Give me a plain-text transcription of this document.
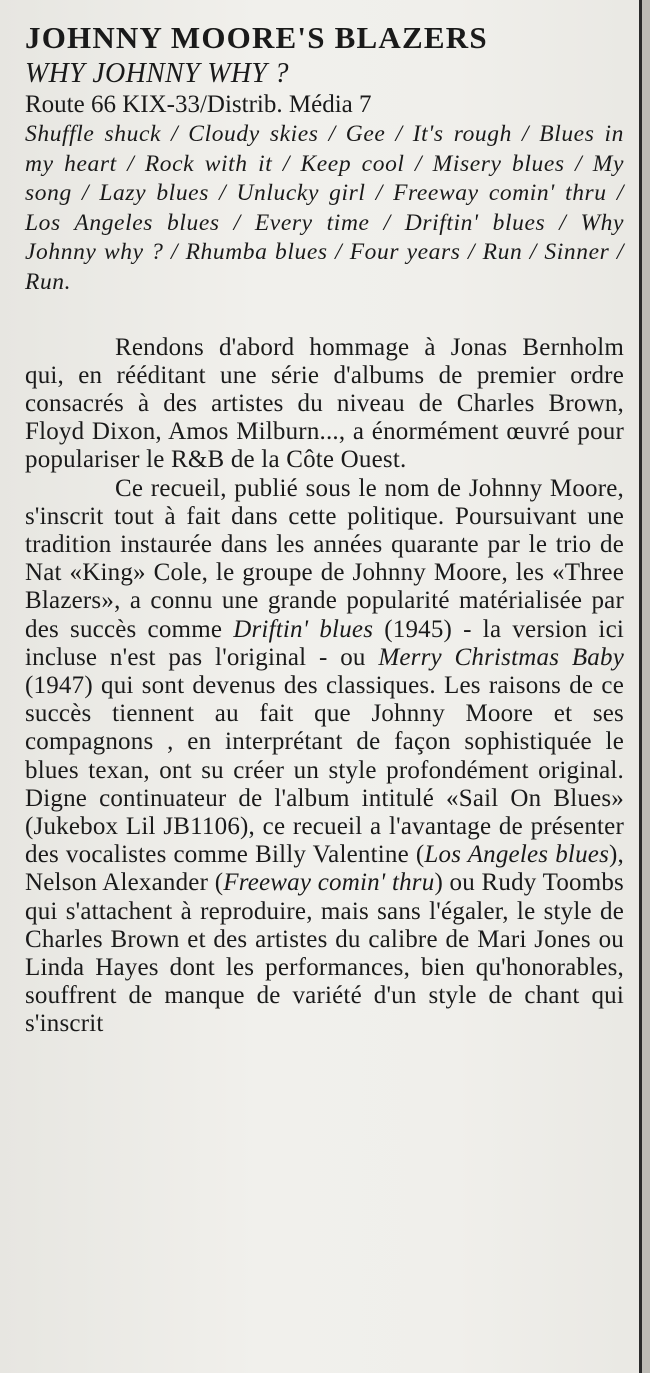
JOHNNY MOORE'S BLAZERS
WHY JOHNNY WHY ?
Route 66 KIX-33/Distrib. Média 7

Shuffle shuck / Cloudy skies / Gee / It's rough / Blues in my heart / Rock with it / Keep cool / Misery blues / My song / Lazy blues / Unlucky girl / Freeway comin' thru / Los Angeles blues / Every time / Driftin' blues / Why Johnny why ? / Rhumba blues / Four years / Run / Sinner / Run.

Rendons d'abord hommage à Jonas Bernholm qui, en rééditant une série d'albums de premier ordre consacrés à des artistes du niveau de Charles Brown, Floyd Dixon, Amos Milburn..., a énormément œuvré pour populariser le R&B de la Côte Ouest.

Ce recueil, publié sous le nom de Johnny Moore, s'inscrit tout à fait dans cette politique. Poursuivant une tradition instaurée dans les années quarante par le trio de Nat «King» Cole, le groupe de Johnny Moore, les «Three Blazers», a connu une grande popularité matérialisée par des succès comme Driftin' blues (1945) - la version ici incluse n'est pas l'original - ou Merry Christmas Baby (1947) qui sont devenus des classiques. Les raisons de ce succès tiennent au fait que Johnny Moore et ses compagnons , en interprétant de façon sophistiquée le blues texan, ont su créer un style profondément original. Digne continuateur de l'album intitulé «Sail On Blues» (Jukebox Lil JB1106), ce recueil a l'avantage de présenter des vocalistes comme Billy Valentine (Los Angeles blues), Nelson Alexander (Freeway comin' thru) ou Rudy Toombs qui s'attachent à reproduire, mais sans l'égaler, le style de Charles Brown et des artistes du calibre de Mari Jones ou Linda Hayes dont les performances, bien qu'honorables, souffrent de manque de variété d'un style de chant qui s'inscrit
